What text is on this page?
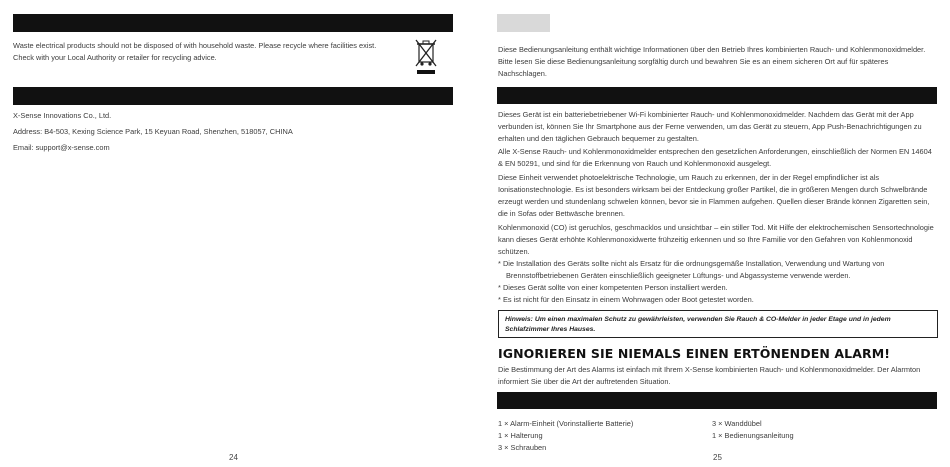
Waste electrical products should not be disposed of with household waste. Please recycle where facilities exist. Check with your Local Authority or retailer for recycling advice.
X-Sense Innovations Co., Ltd.
Address: B4-503, Kexing Science Park, 15 Keyuan Road, Shenzhen, 518057, CHINA
Email: support@x-sense.com
24
Diese Bedienungsanleitung enthält wichtige Informationen über den Betrieb Ihres kombinierten Rauch- und Kohlenmonoxidmelder. Bitte lesen Sie diese Bedienungsanleitung sorgfältig durch und bewahren Sie es an einem sicheren Ort auf für späteres Nachschlagen.
Dieses Gerät ist ein batteriebetriebener Wi-Fi kombinierter Rauch- und Kohlenmonoxidmelder. Nachdem das Gerät mit der App verbunden ist, können Sie Ihr Smartphone aus der Ferne verwenden, um das Gerät zu steuern, App Push-Benachrichtigungen zu erhalten und den täglichen Gebrauch bequemer zu gestalten.
Alle X-Sense Rauch- und Kohlenmonoxidmelder entsprechen den gesetzlichen Anforderungen, einschließlich der Normen EN 14604 & EN 50291, und sind für die Erkennung von Rauch und Kohlenmonoxid ausgelegt.
Diese Einheit verwendet photoelektrische Technologie, um Rauch zu erkennen, der in der Regel empfindlicher ist als Ionisationstechnologie. Es ist besonders wirksam bei der Entdeckung großer Partikel, die in größeren Mengen durch Schwelbrände erzeugt werden und stundenlang schwelen können, bevor sie in Flammen aufgehen. Quellen dieser Brände können Zigaretten sein, die in Sofas oder Bettwäsche brennen.
Kohlenmonoxid (CO) ist geruchlos, geschmacklos und unsichtbar – ein stiller Tod. Mit Hilfe der elektrochemischen Sensortechnologie kann dieses Gerät erhöhte Kohlenmonoxidwerte frühzeitig erkennen und so Ihre Familie vor den Gefahren von Kohlenmonoxid schützen.
* Die Installation des Geräts sollte nicht als Ersatz für die ordnungsgemäße Installation, Verwendung und Wartung von Brennstoffbetriebenen Geräten einschließlich geeigneter Lüftungs- und Abgassysteme verwende werden.
* Dieses Gerät sollte von einer kompetenten Person installiert werden.
* Es ist nicht für den Einsatz in einem Wohnwagen oder Boot getestet worden.
Hinweis: Um einen maximalen Schutz zu gewährleisten, verwenden Sie Rauch & CO-Melder in jeder Etage und in jedem Schlafzimmer Ihres Hauses.
IGNORIEREN SIE NIEMALS EINEN ERTÖNENDEN ALARM!
Die Bestimmung der Art des Alarms ist einfach mit Ihrem X-Sense kombinierten Rauch- und Kohlenmonoxidmelder. Der Alarmton informiert Sie über die Art der auftretenden Situation.
1 × Alarm-Einheit (Vorinstallierte Batterie)
1 × Halterung
3 × Schrauben
3 × Wanddübel
1 × Bedienungsanleitung
25
